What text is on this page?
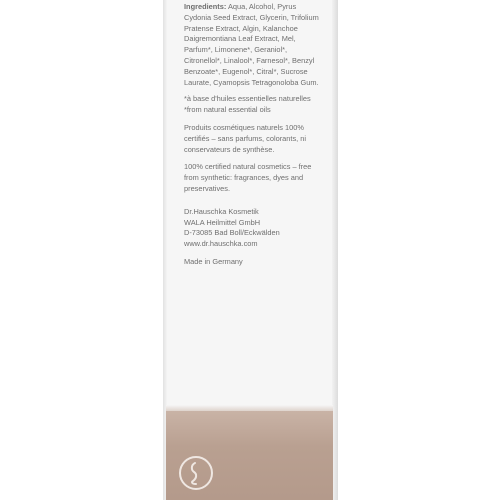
Ingredients: Aqua, Alcohol, Pyrus Cydonia Seed Extract, Glycerin, Trifolium Pratense Extract, Algin, Kalanchoe Daigremontiana Leaf Extract, Mel, Parfum*, Limonene*, Geraniol*, Citronellol*, Linalool*, Farnesol*, Benzyl Benzoate*, Eugenol*, Citral*, Sucrose Laurate, Cyamopsis Tetragonoloba Gum.

*à base d'huiles essentielles naturelles
*from natural essential oils

Produits cosmétiques naturels 100% certifiés – sans parfums, colorants, ni conservateurs de synthèse.

100% certified natural cosmetics – free from synthetic: fragrances, dyes and preservatives.

Dr.Hauschka Kosmetik
WALA Heilmittel GmbH
D-73085 Bad Boll/Eckwälden
www.dr.hauschka.com

Made in Germany
